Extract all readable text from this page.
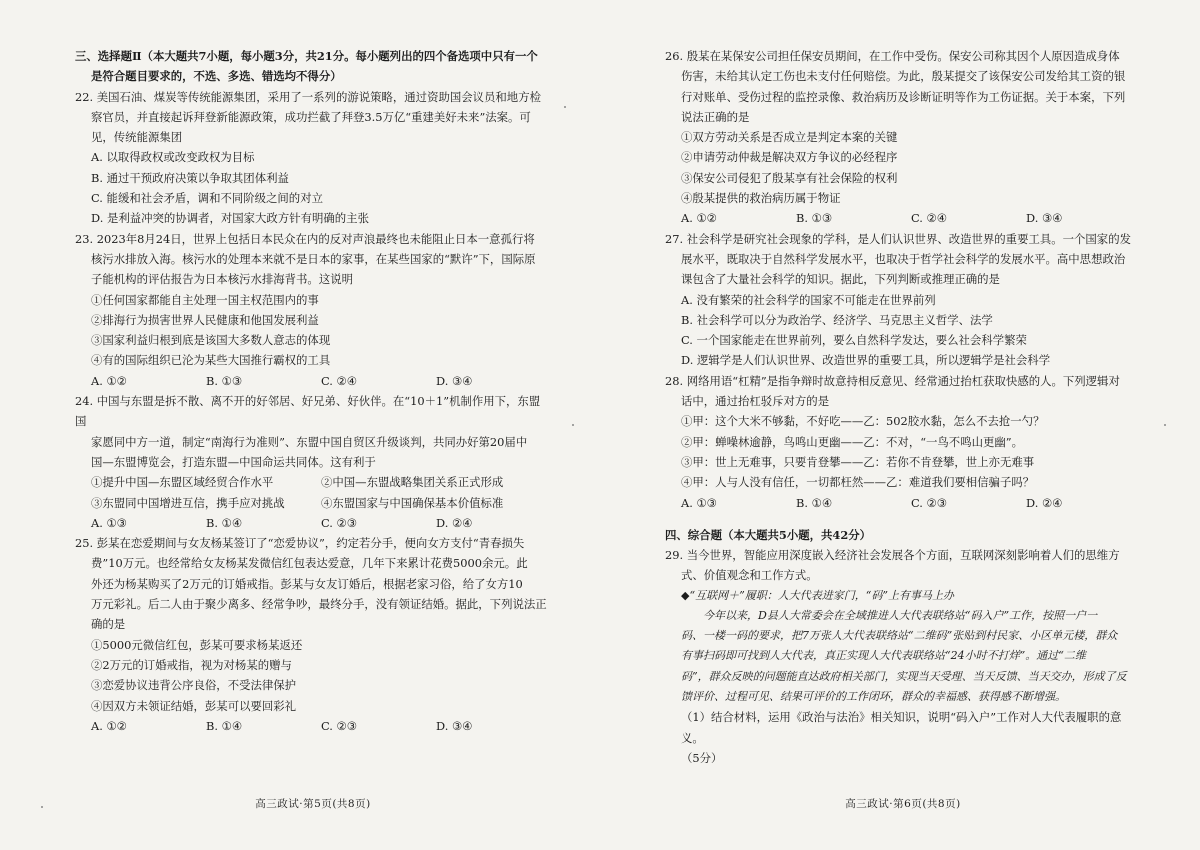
三、选择题Ⅱ（本大题共7小题，每小题3分，共21分。每小题列出的四个备选项中只有一个

是符合题目要求的，不选、多选、错选均不得分）

22. 美国石油、煤炭等传统能源集团，采用了一系列的游说策略，通过资助国会议员和地方检

察官员，并直接起诉拜登新能源政策，成功拦截了拜登3.5万亿“重建美好未来”法案。可

见，传统能源集团

A. 以取得政权或改变政权为目标

B. 通过干预政府决策以争取其团体利益

C. 能缓和社会矛盾，调和不同阶级之间的对立

D. 是利益冲突的协调者，对国家大政方针有明确的主张

23. 2023年8月24日，世界上包括日本民众在内的反对声浪最终也未能阻止日本一意孤行将

核污水排放入海。核污水的处理本来就不是日本的家事，在某些国家的“默许”下，国际原

子能机构的评估报告为日本核污水排海背书。这说明

①任何国家都能自主处理一国主权范围内的事

②排海行为损害世界人民健康和他国发展利益

③国家利益归根到底是该国大多数人意志的体现

④有的国际组织已沦为某些大国推行霸权的工具

A. ①②	B. ①③	C. ②④	D. ③④

24. 中国与东盟是拆不散、离不开的好邻居、好兄弟、好伙伴。在“10＋1”机制作用下，东盟国

家愿同中方一道，制定“南海行为准则”、东盟中国自贸区升级谈判，共同办好第20届中

国—东盟博览会，打造东盟—中国命运共同体。这有利于

①提升中国—东盟区域经贸合作水平	②中国—东盟战略集团关系正式形成
③东盟同中国增进互信，携手应对挑战	④东盟国家与中国确保基本价值标准
A. ①③	B. ①④	C. ②③	D. ②④

25. 彭某在恋爱期间与女友杨某签订了“恋爱协议”，约定若分手，便向女方支付“青春损失

费”10万元。也经常给女友杨某发微信红包表达爱意，几年下来累计花费5000余元。此

外还为杨某购买了2万元的订婚戒指。彭某与女友订婚后，根据老家习俗，给了女方10

万元彩礼。后二人由于聚少离多、经常争吵，最终分手，没有领证结婚。据此，下列说法正

确的是

①5000元微信红包，彭某可要求杨某返还

②2万元的订婚戒指，视为对杨某的赠与

③恋爱协议违背公序良俗，不受法律保护

④因双方未领证结婚，彭某可以要回彩礼

A. ①②	B. ①④	C. ②③	D. ③④
高三政试·第5页(共8页)

26. 殷某在某保安公司担任保安员期间，在工作中受伤。保安公司称其因个人原因造成身体

伤害，未给其认定工伤也未支付任何赔偿。为此，殷某提交了该保安公司发给其工资的银

行对账单、受伤过程的监控录像、救治病历及诊断证明等作为工伤证据。关于本案，下列

说法正确的是

①双方劳动关系是否成立是判定本案的关键

②申请劳动仲裁是解决双方争议的必经程序

③保安公司侵犯了殷某享有社会保险的权利

④殷某提供的救治病历属于物证

A. ①②	B. ①③	C. ②④	D. ③④

27. 社会科学是研究社会现象的学科，是人们认识世界、改造世界的重要工具。一个国家的发

展水平，既取决于自然科学发展水平，也取决于哲学社会科学的发展水平。高中思想政治

课包含了大量社会科学的知识。据此，下列判断或推理正确的是

A. 没有繁荣的社会科学的国家不可能走在世界前列

B. 社会科学可以分为政治学、经济学、马克思主义哲学、法学

C. 一个国家能走在世界前列，要么自然科学发达，要么社会科学繁荣

D. 逻辑学是人们认识世界、改造世界的重要工具，所以逻辑学是社会科学

28. 网络用语“杠精”是指争辩时故意持相反意见、经常通过抬杠获取快感的人。下列逻辑对

话中，通过抬杠驳斥对方的是

①甲：这个大米不够黏，不好吃——乙：502胶水黏，怎么不去抢一勺？

②甲：蝉噪林逾静，鸟鸣山更幽——乙：不对，“一鸟不鸣山更幽”。

③甲：世上无难事，只要肯登攀——乙：若你不肯登攀，世上亦无难事

④甲：人与人没有信任，一切都枉然——乙：难道我们要相信骗子吗？

A. ①③	B. ①④	C. ②③	D. ②④

四、综合题（本大题共5小题，共42分）

29. 当今世界，智能应用深度嵌入经济社会发展各个方面，互联网深刻影响着人们的思维方

式、价值观念和工作方式。

◆“互联网＋”履职：人大代表进家门，“码”上有事马上办

今年以来，D县人大常委会在全域推进人大代表联络站“码入户”工作，按照一户一

码、一楼一码的要求，把7万张人大代表联络站“二维码”张贴到村民家、小区单元楼，群众

有事扫码即可找到人大代表，真正实现人大代表联络站“24小时不打烊”。通过“二维

码”，群众反映的问题能直达政府相关部门，实现当天受理、当天反馈、当天交办，形成了反

馈评价、过程可见、结果可评价的工作闭环，群众的幸福感、获得感不断增强。

（1）结合材料，运用《政治与法治》相关知识，说明“码入户”工作对人大代表履职的意义。

（5分）

高三政试·第6页(共8页)
